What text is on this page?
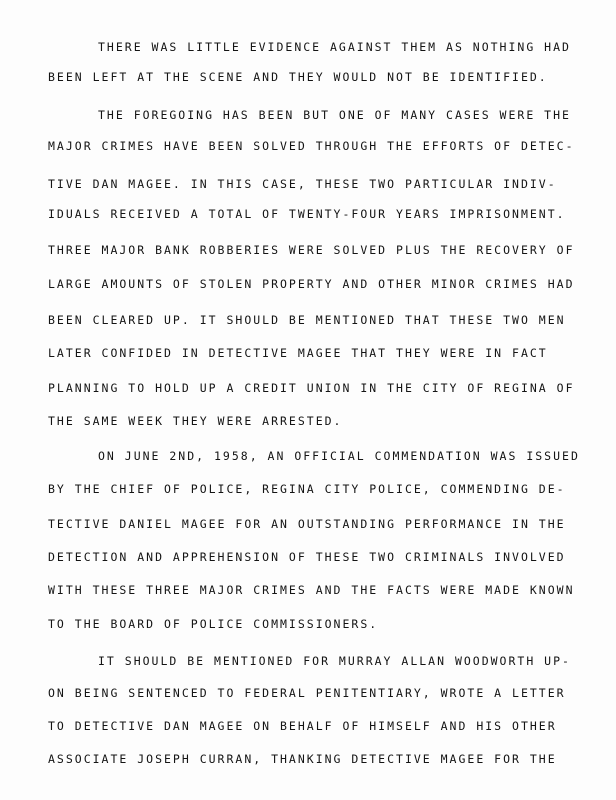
THERE WAS LITTLE EVIDENCE AGAINST THEM AS NOTHING HAD
BEEN LEFT AT THE SCENE AND THEY WOULD NOT BE IDENTIFIED.
THE FOREGOING HAS BEEN BUT ONE OF MANY CASES WERE THE
MAJOR CRIMES HAVE BEEN SOLVED THROUGH THE EFFORTS OF DETEC-
TIVE DAN MAGEE. IN THIS CASE, THESE TWO PARTICULAR INDIV-
IDUALS RECEIVED A TOTAL OF TWENTY-FOUR YEARS IMPRISONMENT.
THREE MAJOR BANK ROBBERIES WERE SOLVED PLUS THE RECOVERY OF
LARGE AMOUNTS OF STOLEN PROPERTY AND OTHER MINOR CRIMES HAD
BEEN CLEARED UP. IT SHOULD BE MENTIONED THAT THESE TWO MEN
LATER CONFIDED IN DETECTIVE MAGEE THAT THEY WERE IN FACT
PLANNING TO HOLD UP A CREDIT UNION IN THE CITY OF REGINA OF
THE SAME WEEK THEY WERE ARRESTED.
ON JUNE 2ND, 1958, AN OFFICIAL COMMENDATION WAS ISSUED
BY THE CHIEF OF POLICE, REGINA CITY POLICE, COMMENDING DE-
TECTIVE DANIEL MAGEE FOR AN OUTSTANDING PERFORMANCE IN THE
DETECTION AND APPREHENSION OF THESE TWO CRIMINALS INVOLVED
WITH THESE THREE MAJOR CRIMES AND THE FACTS WERE MADE KNOWN
TO THE BOARD OF POLICE COMMISSIONERS.
IT SHOULD BE MENTIONED FOR MURRAY ALLAN WOODWORTH UP-
ON BEING SENTENCED TO FEDERAL PENITENTIARY, WROTE A LETTER
TO DETECTIVE DAN MAGEE ON BEHALF OF HIMSELF AND HIS OTHER
ASSOCIATE JOSEPH CURRAN, THANKING DETECTIVE MAGEE FOR THE
